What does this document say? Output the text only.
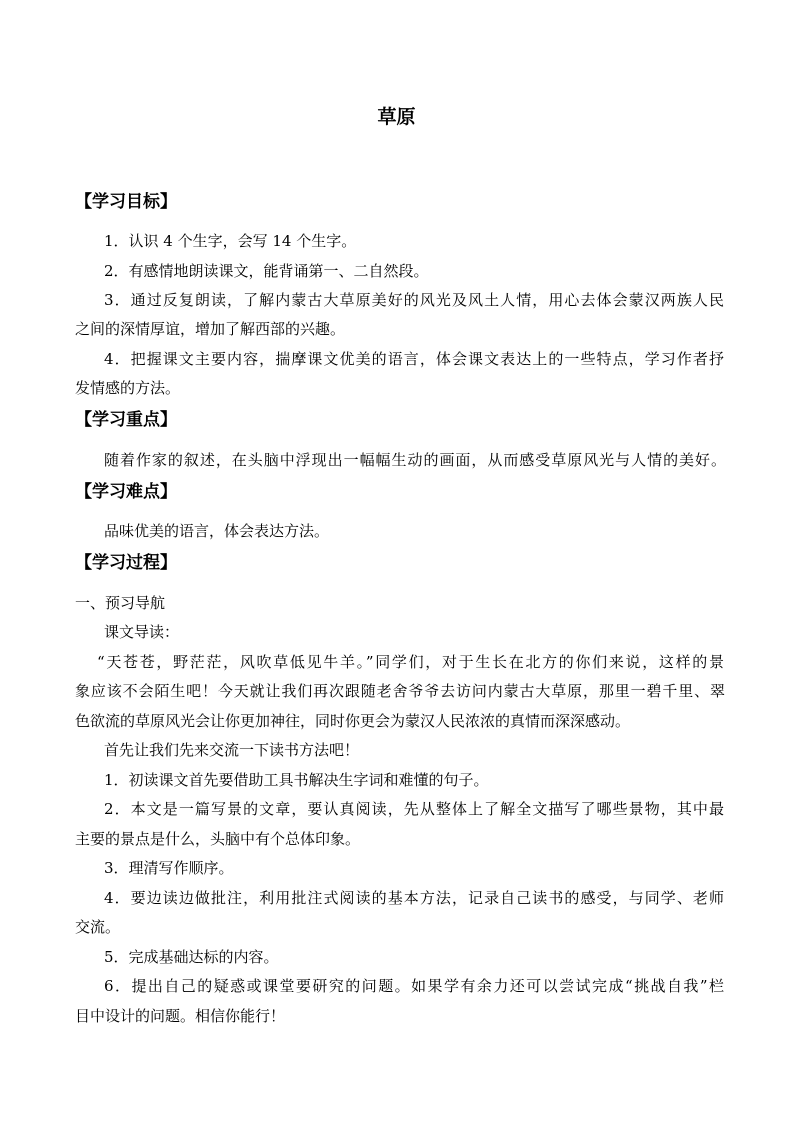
草原
【学习目标】
1．认识 4 个生字，会写 14 个生字。
2．有感情地朗读课文，能背诵第一、二自然段。
3．通过反复朗读，了解内蒙古大草原美好的风光及风土人情，用心去体会蒙汉两族人民
之间的深情厚谊，增加了解西部的兴趣。
4．把握课文主要内容，揣摩课文优美的语言，体会课文表达上的一些特点，学习作者抒
发情感的方法。
【学习重点】
随着作家的叙述，在头脑中浮现出一幅幅生动的画面，从而感受草原风光与人情的美好。
【学习难点】
品味优美的语言，体会表达方法。
【学习过程】
一、预习导航
课文导读：
“天苍苍，野茫茫，风吹草低见牛羊。”同学们，对于生长在北方的你们来说，这样的景
象应该不会陌生吧！今天就让我们再次跟随老舍爷爷去访问内蒙古大草原，那里一碧千里、翠
色欲流的草原风光会让你更加神往，同时你更会为蒙汉人民浓浓的真情而深深感动。
首先让我们先来交流一下读书方法吧！
1．初读课文首先要借助工具书解决生字词和难懂的句子。
2．本文是一篇写景的文章，要认真阅读，先从整体上了解全文描写了哪些景物，其中最
主要的景点是什么，头脑中有个总体印象。
3．理清写作顺序。
4．要边读边做批注，利用批注式阅读的基本方法，记录自己读书的感受，与同学、老师
交流。
5．完成基础达标的内容。
6．提出自己的疑惑或课堂要研究的问题。如果学有余力还可以尝试完成“挑战自我”栏
目中设计的问题。相信你能行！
